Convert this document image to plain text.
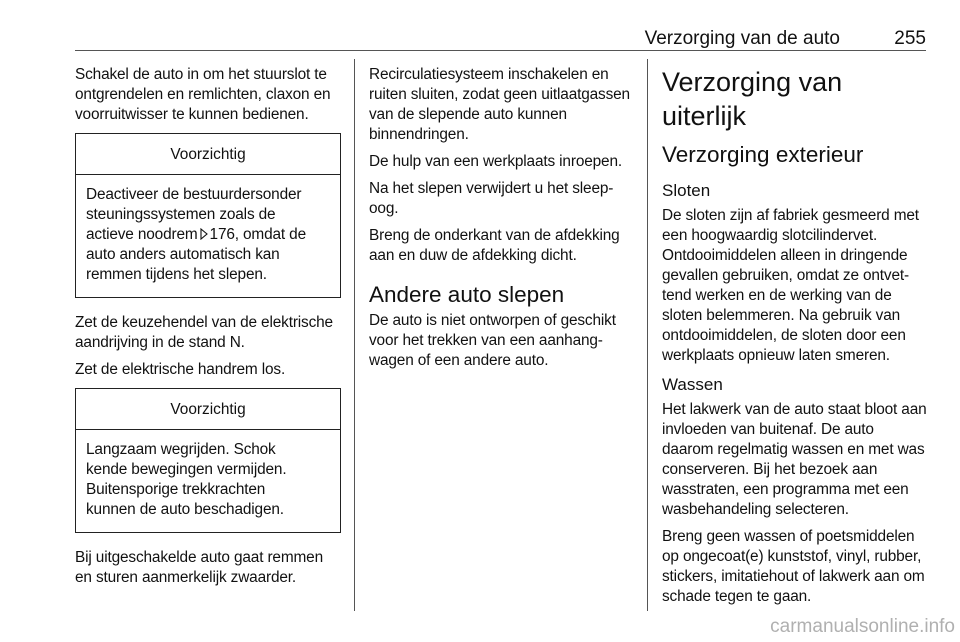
Verzorging van de auto	255

Schakel de auto in om het stuurslot te ontgrendelen en remlichten, claxon en voorruitwisser te kunnen bedienen.

Voorzichtig
Deactiveer de bestuurdersonder
steuningssystemen zoals de
actieve noodrem 176, omdat de
auto anders automatisch kan
remmen tijdens het slepen.

Zet de keuzehendel van de elektrische aandrijving in de stand N.

Zet de elektrische handrem los.

Voorzichtig
Langzaam wegrijden. Schok
kende bewegingen vermijden.
Buitensporige trekkrachten
kunnen de auto beschadigen.

Bij uitgeschakelde auto gaat remmen en sturen aanmerkelijk zwaarder.

Recirculatiesysteem inschakelen en ruiten sluiten, zodat geen uitlaatgassen van de slepende auto kunnen binnendringen.

De hulp van een werkplaats inroepen.

Na het slepen verwijdert u het sleepoog.

Breng de onderkant van de afdekking aan en duw de afdekking dicht.

Andere auto slepen

De auto is niet ontworpen of geschikt voor het trekken van een aanhangwagen of een andere auto.

Verzorging van uiterlijk
Verzorging exterieur
Sloten

De sloten zijn af fabriek gesmeerd met een hoogwaardig slotcilindervet. Ontdooimiddelen alleen in dringende gevallen gebruiken, omdat ze ontvettend werken en de werking van de sloten belemmeren. Na gebruik van ontdooimiddelen, de sloten door een werkplaats opnieuw laten smeren.

Wassen

Het lakwerk van de auto staat bloot aan invloeden van buitenaf. De auto daarom regelmatig wassen en met was conserveren. Bij het bezoek aan wasstraten, een programma met een wasbehandeling selecteren.

Breng geen wassen of poetsmiddelen op ongecoat(e) kunststof, vinyl, rubber, stickers, imitatiehout of lakwerk aan om schade tegen te gaan.

carmanualsonline.info
